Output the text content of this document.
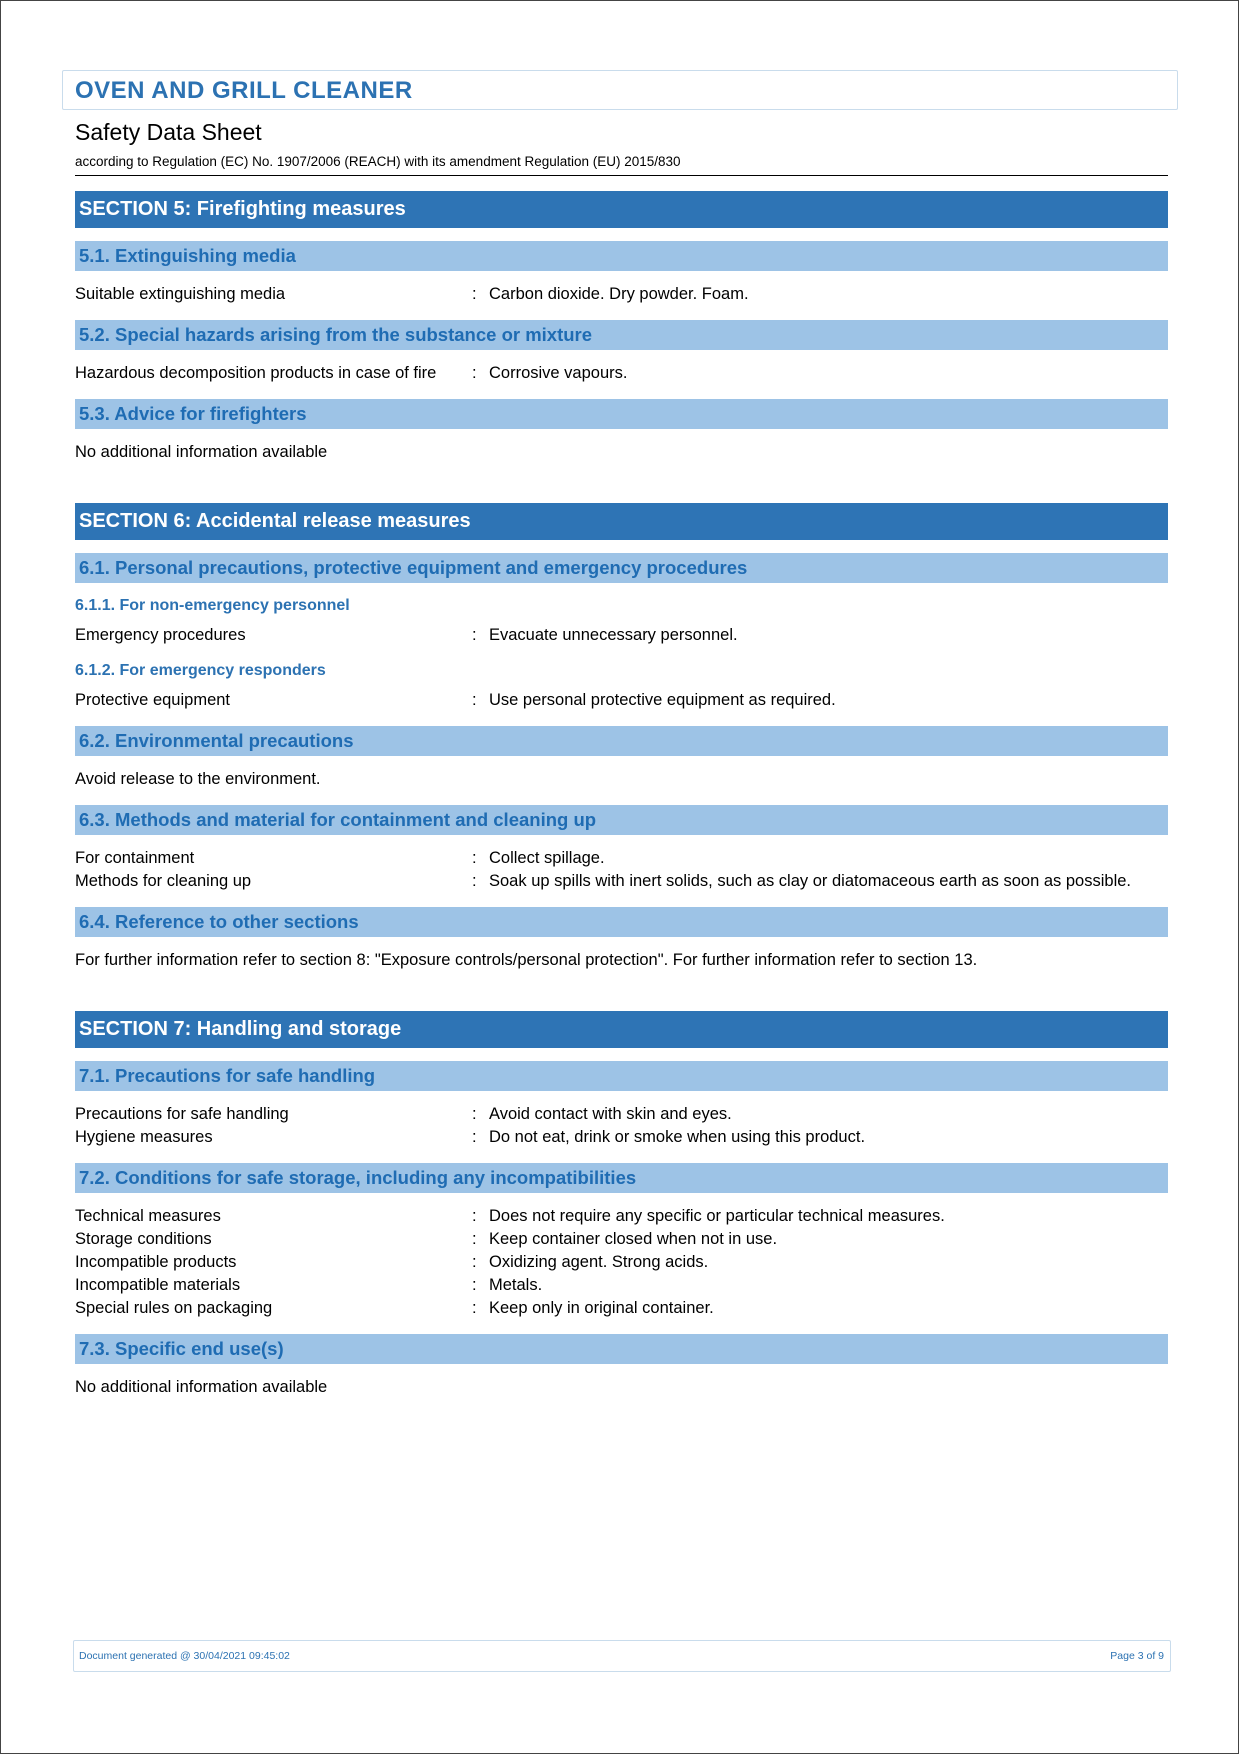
OVEN AND GRILL CLEANER
Safety Data Sheet
according to Regulation (EC) No. 1907/2006 (REACH) with its amendment Regulation (EU) 2015/830
SECTION 5: Firefighting measures
5.1. Extinguishing media
Suitable extinguishing media	: Carbon dioxide. Dry powder. Foam.
5.2. Special hazards arising from the substance or mixture
Hazardous decomposition products in case of fire : Corrosive vapours.
5.3. Advice for firefighters
No additional information available
SECTION 6: Accidental release measures
6.1. Personal precautions, protective equipment and emergency procedures
6.1.1. For non-emergency personnel
Emergency procedures	: Evacuate unnecessary personnel.
6.1.2. For emergency responders
Protective equipment	: Use personal protective equipment as required.
6.2. Environmental precautions
Avoid release to the environment.
6.3. Methods and material for containment and cleaning up
For containment	: Collect spillage.
Methods for cleaning up	: Soak up spills with inert solids, such as clay or diatomaceous earth as soon as possible.
6.4. Reference to other sections
For further information refer to section 8: "Exposure controls/personal protection". For further information refer to section 13.
SECTION 7: Handling and storage
7.1. Precautions for safe handling
Precautions for safe handling	: Avoid contact with skin and eyes.
Hygiene measures	: Do not eat, drink or smoke when using this product.
7.2. Conditions for safe storage, including any incompatibilities
Technical measures	: Does not require any specific or particular technical measures.
Storage conditions	: Keep container closed when not in use.
Incompatible products	: Oxidizing agent. Strong acids.
Incompatible materials	: Metals.
Special rules on packaging	: Keep only in original container.
7.3. Specific end use(s)
No additional information available
Document generated @ 30/04/2021 09:45:02	Page 3 of 9
